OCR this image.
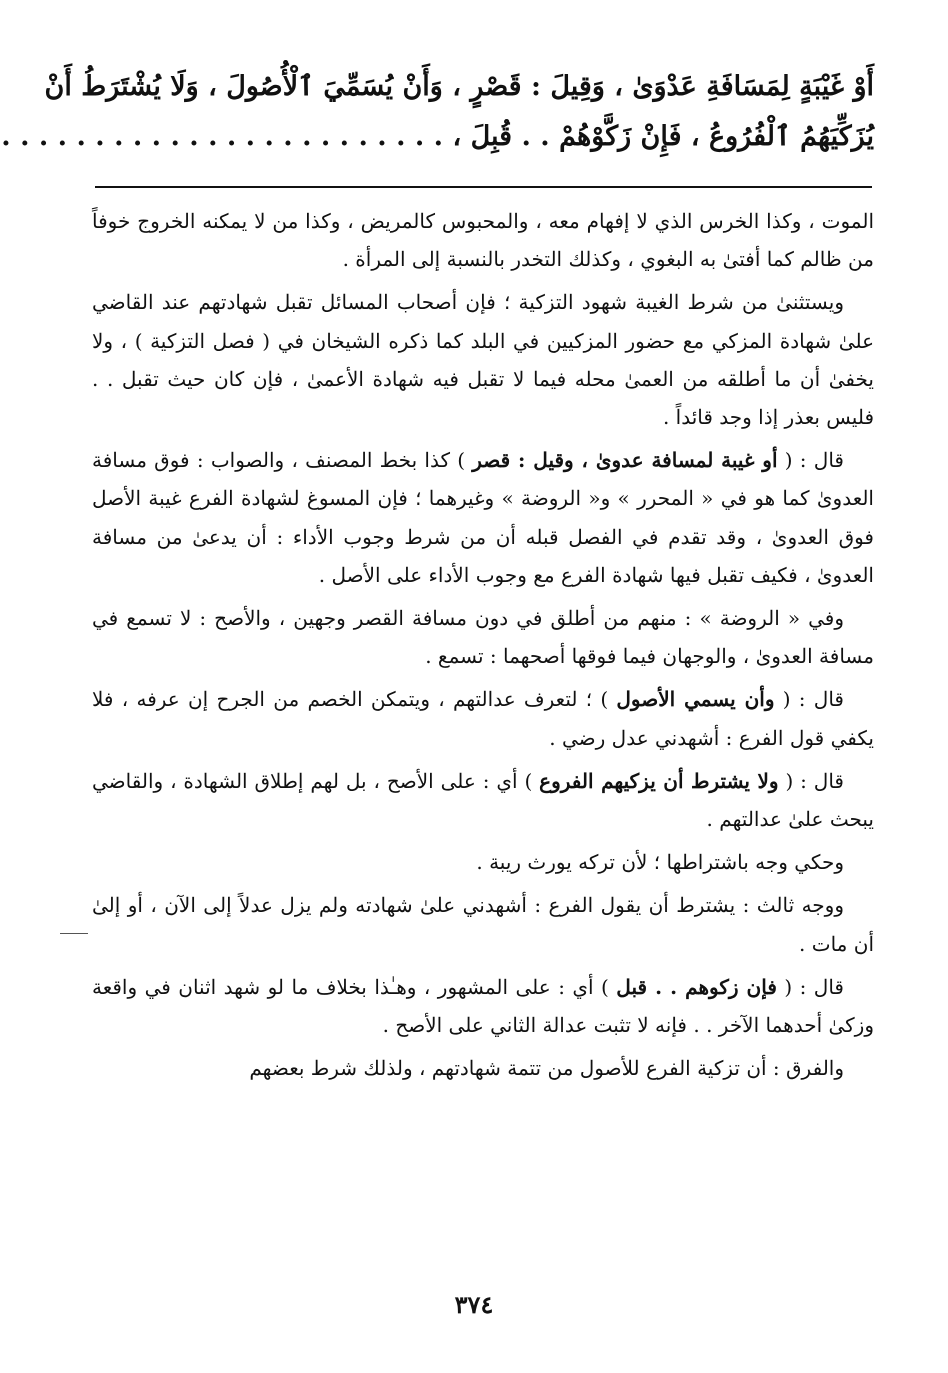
أَوْ غَيْبَةٍ لِمَسَافَةِ عَدْوَىٰ ، وَقِيلَ : قَصْرٍ ، وَأَنْ يُسَمِّيَ ٱلْأُصُولَ ، وَلَا يُشْتَرَطُ أَنْ
يُزَكِّيَهُمُ ٱلْفُرُوعُ ، فَإِنْ زَكَّوْهُمْ . . قُبِلَ ، . . . . . . . . . . . . . . . . . . . . . . . .

الموت ، وكذا الخرس الذي لا إفهام معه ، والمحبوس كالمريض ، وكذا من لا يمكنه الخروج خوفاً من ظالم كما أفتىٰ به البغوي ، وكذلك التخدر بالنسبة إلى المرأة .

ويستثنىٰ من شرط الغيبة شهود التزكية ؛ فإن أصحاب المسائل تقبل شهادتهم عند القاضي علىٰ شهادة المزكي مع حضور المزكيين في البلد كما ذكره الشيخان في ( فصل التزكية ) ، ولا يخفىٰ أن ما أطلقه من العمىٰ محله فيما لا تقبل فيه شهادة الأعمىٰ ، فإن كان حيث تقبل . . فليس بعذر إذا وجد قائداً .

قال : ( أو غيبة لمسافة عدوىٰ ، وقيل : قصر ) كذا بخط المصنف ، والصواب : فوق مسافة العدوىٰ كما هو في « المحرر » و« الروضة » وغيرهما ؛ فإن المسوغ لشهادة الفرع غيبة الأصل فوق العدوىٰ ، وقد تقدم في الفصل قبله أن من شرط وجوب الأداء : أن يدعىٰ من مسافة العدوىٰ ، فكيف تقبل فيها شهادة الفرع مع وجوب الأداء على الأصل .

وفي « الروضة » : منهم من أطلق في دون مسافة القصر وجهين ، والأصح : لا تسمع في مسافة العدوىٰ ، والوجهان فيما فوقها أصحهما : تسمع .

قال : ( وأن يسمي الأصول ) ؛ لتعرف عدالتهم ، ويتمكن الخصم من الجرح إن عرفه ، فلا يكفي قول الفرع : أشهدني عدل رضي .

قال : ( ولا يشترط أن يزكيهم الفروع ) أي : على الأصح ، بل لهم إطلاق الشهادة ، والقاضي يبحث علىٰ عدالتهم .

وحكي وجه باشتراطها ؛ لأن تركه يورث ريبة .

ووجه ثالث : يشترط أن يقول الفرع : أشهدني علىٰ شهادته ولم يزل عدلاً إلى الآن ، أو إلىٰ أن مات .

قال : ( فإن زكوهم . . قبل ) أي : على المشهور ، وهـٰذا بخلاف ما لو شهد اثنان في واقعة وزكىٰ أحدهما الآخر . . فإنه لا تثبت عدالة الثاني على الأصح .

والفرق : أن تزكية الفرع للأصول من تتمة شهادتهم ، ولذلك شرط بعضهم

٣٧٤
